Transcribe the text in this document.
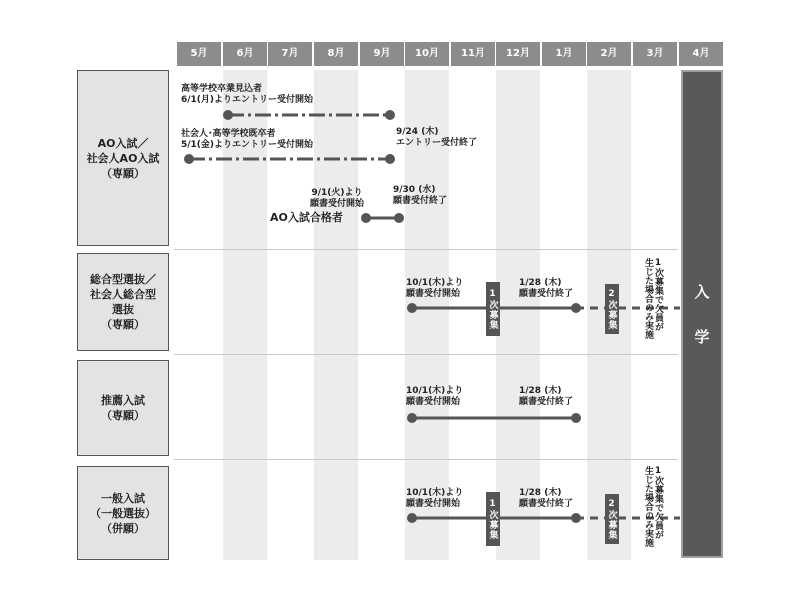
5月	6月	7月	8月	9月	10月	11月	12月	1月	2月	3月	4月
AO入試／
社会人AO入試
（専願）
総合型選抜／
社会人総合型
選抜
（専願）
推薦入試
（専願）
一般入試
（一般選抜）
（併願）
高等学校卒業見込者
6/1(月)よりエントリー受付開始
社会人･高等学校既卒者
5/1(金)よりエントリー受付開始
9/24 (木)
エントリー受付終了
9/1(火)より
願書受付開始
9/30 (水)
願書受付終了
AO入試合格者
10/1(木)より
願書受付開始
1/28 (木)
願書受付終了
1次募集	2次募集	1次募集で欠員が
生じた場合のみ実施
10/1(木)より
願書受付開始
1/28 (木)
願書受付終了
10/1(木)より
願書受付開始
1/28 (木)
願書受付終了
1次募集	2次募集	1次募集で欠員が
生じた場合のみ実施
入
学
